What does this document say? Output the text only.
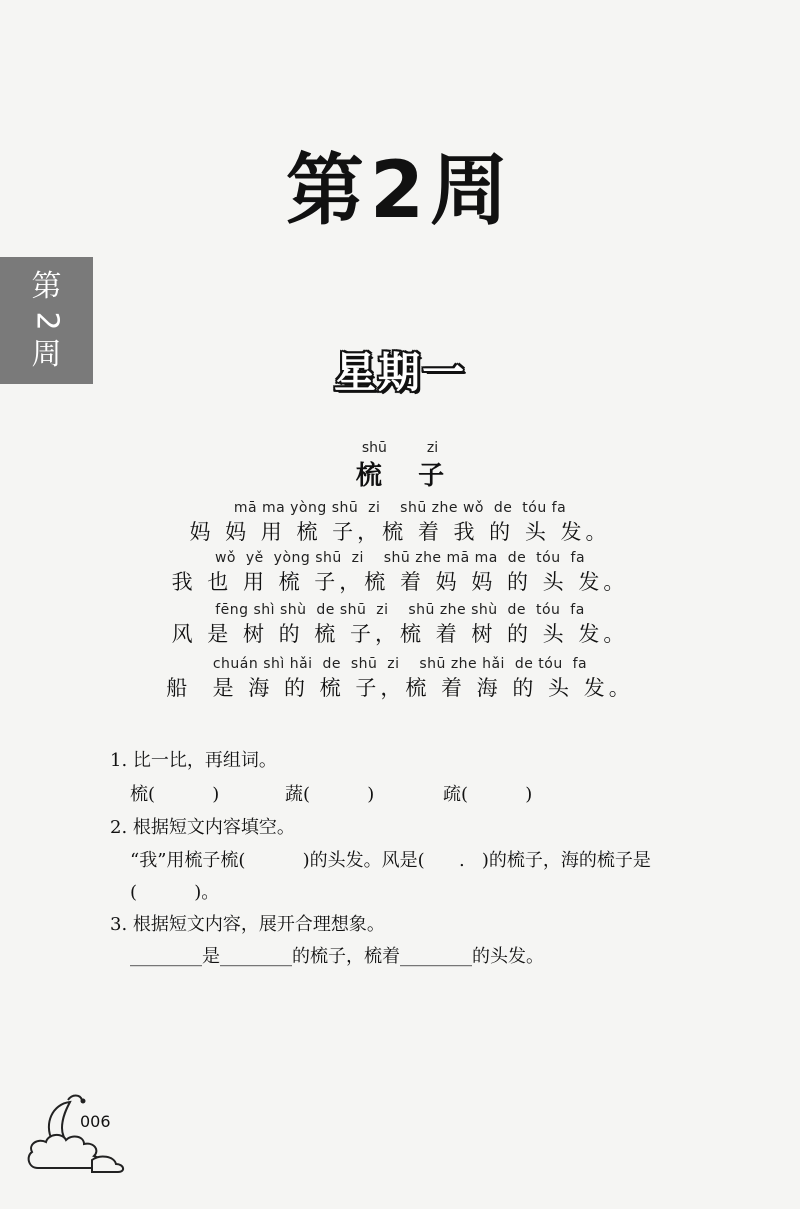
第2周
第
2
周	星期一
shū         zi
梳    子
mā ma yòng shū  zi    shū zhe wǒ  de  tóu fa
妈 妈 用 梳 子，梳 着 我 的 头 发。
wǒ  yě  yòng shū  zi    shū zhe mā ma  de  tóu  fa
我 也 用 梳 子，梳 着 妈 妈 的 头 发。
fēng shì shù  de shū  zi    shū zhe shù  de  tóu  fa
风 是 树 的 梳 子，梳 着 树 的 头 发。
chuán shì hǎi  de  shū  zi    shū zhe hǎi  de tóu  fa
船  是 海 的 梳 子，梳 着 海 的 头 发。
1. 比一比，再组词。
梳(          )	蔬(          )	疏(          )
2. 根据短文内容填空。
“我”用梳子梳(          )的头发。风是(      .   )的梳子，海的梳子是
(          )。
3. 根据短文内容，展开合理想象。
________是________的梳子，梳着________的头发。
006
